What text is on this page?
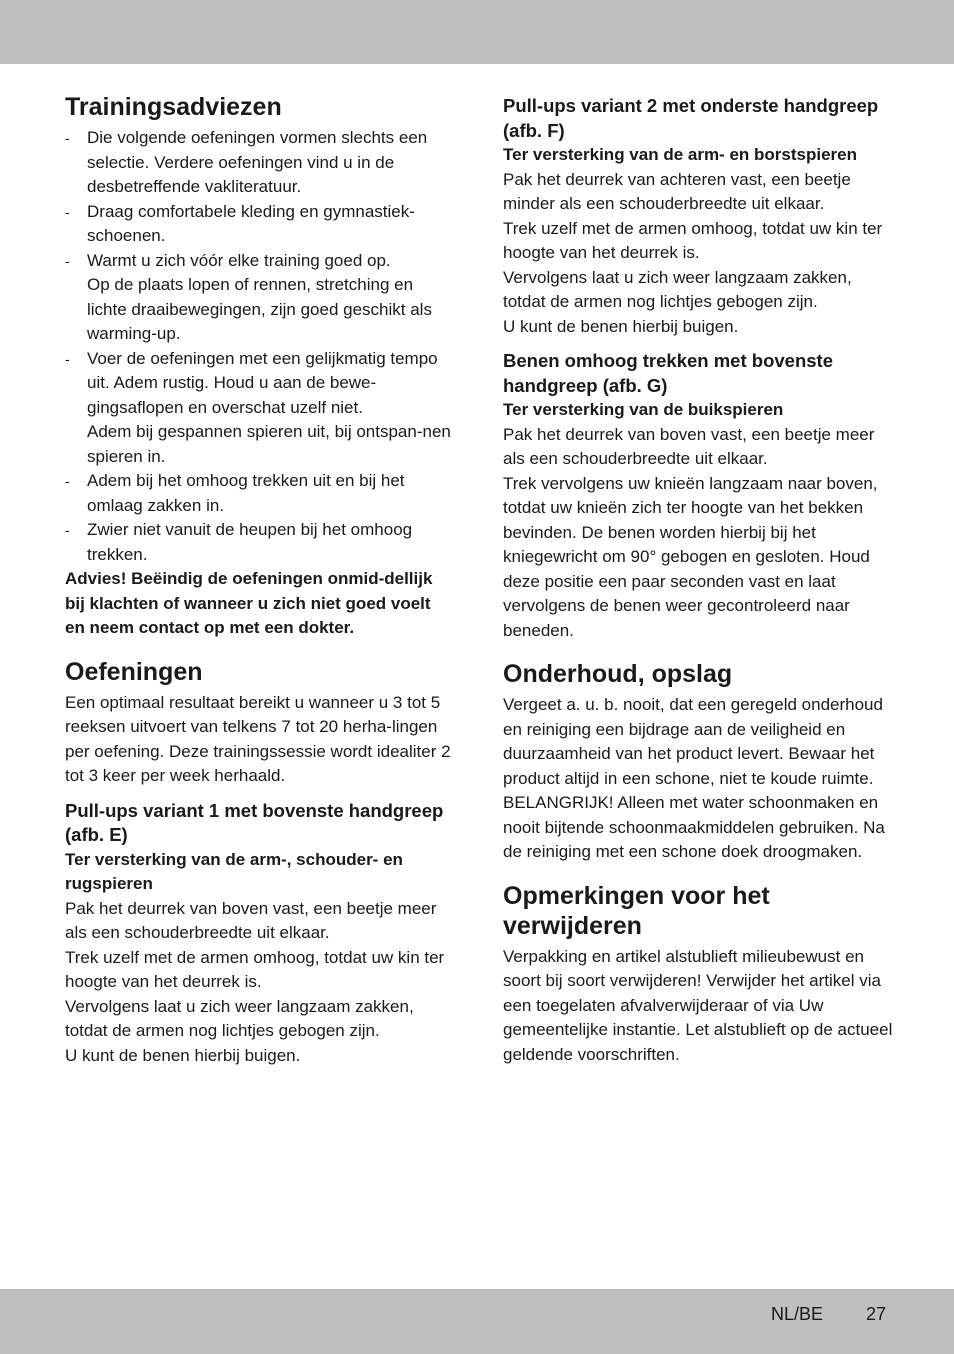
Trainingsadviezen
- Die volgende oefeningen vormen slechts een selectie. Verdere oefeningen vind u in de desbetreffende vakliteratuur.
- Draag comfortabele kleding en gymnastiek-schoenen.
- Warmt u zich vóór elke training goed op.
Op de plaats lopen of rennen, stretching en lichte draaibewegingen, zijn goed geschikt als warming-up.
- Voer de oefeningen met een gelijkmatig tempo uit. Adem rustig. Houd u aan de bewe-gingsaflopen en overschat uzelf niet.
Adem bij gespannen spieren uit, bij ontspan-nen spieren in.
- Adem bij het omhoog trekken uit en bij het omlaag zakken in.
- Zwier niet vanuit de heupen bij het omhoog trekken.

Advies! Beëindig de oefeningen onmid-dellijk bij klachten of wanneer u zich niet goed voelt en neem contact op met een dokter.

Oefeningen

Een optimaal resultaat bereikt u wanneer u 3 tot 5 reeksen uitvoert van telkens 7 tot 20 herha-lingen per oefening. Deze trainingssessie wordt idealiter 2 tot 3 keer per week herhaald.

Pull-ups variant 1 met bovenste handgreep (afb. E)
Ter versterking van de arm-, schouder- en rugspieren

Pak het deurrek van boven vast, een beetje meer als een schouderbreedte uit elkaar.

Trek uzelf met de armen omhoog, totdat uw kin ter hoogte van het deurrek is.

Vervolgens laat u zich weer langzaam zakken, totdat de armen nog lichtjes gebogen zijn.

U kunt de benen hierbij buigen.

Pull-ups variant 2 met onderste handgreep (afb. F)
Ter versterking van de arm- en borstspieren

Pak het deurrek van achteren vast, een beetje minder als een schouderbreedte uit elkaar.

Trek uzelf met de armen omhoog, totdat uw kin ter hoogte van het deurrek is.

Vervolgens laat u zich weer langzaam zakken, totdat de armen nog lichtjes gebogen zijn.

U kunt de benen hierbij buigen.

Benen omhoog trekken met bovenste handgreep (afb. G)
Ter versterking van de buikspieren

Pak het deurrek van boven vast, een beetje meer als een schouderbreedte uit elkaar.

Trek vervolgens uw knieën langzaam naar boven, totdat uw knieën zich ter hoogte van het bekken bevinden. De benen worden hierbij bij het kniegewricht om 90° gebogen en gesloten. Houd deze positie een paar seconden vast en laat vervolgens de benen weer gecontroleerd naar beneden.

Onderhoud, opslag

Vergeet a. u. b. nooit, dat een geregeld onderhoud en reiniging een bijdrage aan de veiligheid en duurzaamheid van het product levert. Bewaar het product altijd in een schone, niet te koude ruimte.

BELANGRIJK! Alleen met water schoonmaken en nooit bijtende schoonmaakmiddelen gebruiken. Na de reiniging met een schone doek droogmaken.

Opmerkingen voor het verwijderen

Verpakking en artikel alstublieft milieubewust en soort bij soort verwijderen! Verwijder het artikel via een toegelaten afvalverwijderaar of via Uw gemeentelijke instantie. Let alstublieft op de actueel geldende voorschriften.

NL/BE 27
